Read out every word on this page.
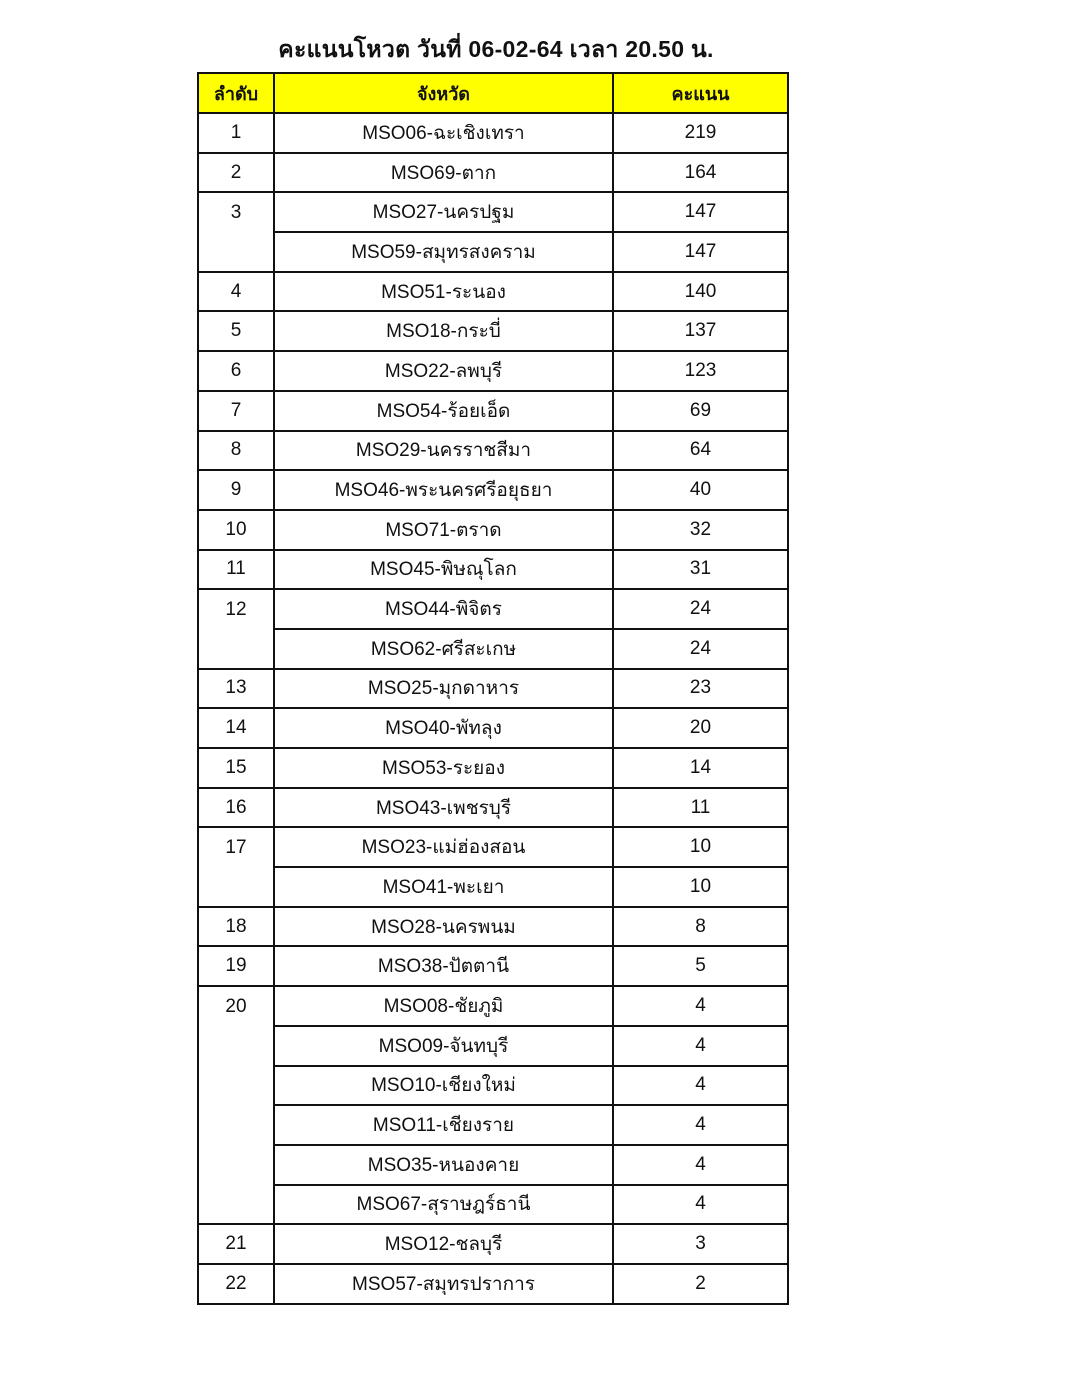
คะแนนโหวต วันที่ 06-02-64 เวลา 20.50 น.
ลำดับ	จังหวัด	คะแนน
1	MSO06-ฉะเชิงเทรา	219
2	MSO69-ตาก	164
3	MSO27-นครปฐม	147
	MSO59-สมุทรสงคราม	147
4	MSO51-ระนอง	140
5	MSO18-กระบี่	137
6	MSO22-ลพบุรี	123
7	MSO54-ร้อยเอ็ด	69
8	MSO29-นครราชสีมา	64
9	MSO46-พระนครศรีอยุธยา	40
10	MSO71-ตราด	32
11	MSO45-พิษณุโลก	31
12	MSO44-พิจิตร	24
	MSO62-ศรีสะเกษ	24
13	MSO25-มุกดาหาร	23
14	MSO40-พัทลุง	20
15	MSO53-ระยอง	14
16	MSO43-เพชรบุรี	11
17	MSO23-แม่ฮ่องสอน	10
	MSO41-พะเยา	10
18	MSO28-นครพนม	8
19	MSO38-ปัตตานี	5
20	MSO08-ชัยภูมิ	4
	MSO09-จันทบุรี	4
	MSO10-เชียงใหม่	4
	MSO11-เชียงราย	4
	MSO35-หนองคาย	4
	MSO67-สุราษฎร์ธานี	4
21	MSO12-ชลบุรี	3
22	MSO57-สมุทรปราการ	2
